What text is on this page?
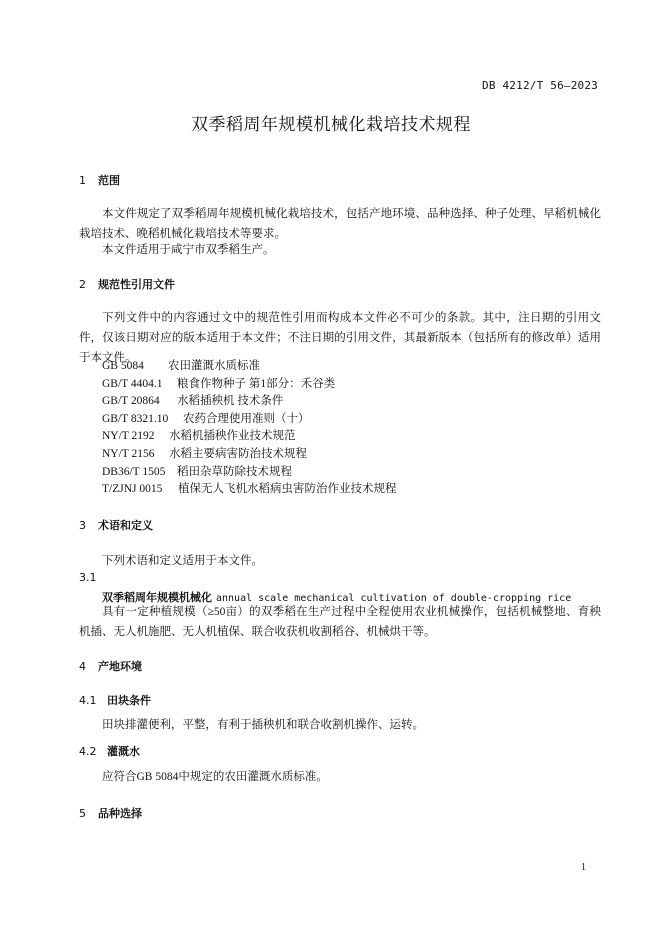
DB 4212/T 56—2023
双季稻周年规模机械化栽培技术规程
1 范围
本文件规定了双季稻周年规模机械化栽培技术，包括产地环境、品种选择、种子处理、早稻机械化栽培技术、晚稻机械化栽培技术等要求。
本文件适用于咸宁市双季稻生产。
2 规范性引用文件
下列文件中的内容通过文中的规范性引用而构成本文件必不可少的条款。其中，注日期的引用文件，仅该日期对应的版本适用于本文件；不注日期的引用文件，其最新版本（包括所有的修改单）适用于本文件。
GB 5084 农田灌溉水质标准
GB/T 4404.1 粮食作物种子 第1部分：禾谷类
GB/T 20864 水稻插秧机 技术条件
GB/T 8321.10 农药合理使用准则（十）
NY/T 2192 水稻机插秧作业技术规范
NY/T 2156 水稻主要病害防治技术规程
DB36/T 1505 稻田杂草防除技术规程
T/ZJNJ 0015 植保无人飞机水稻病虫害防治作业技术规程
3 术语和定义
下列术语和定义适用于本文件。
3.1
双季稻周年规模机械化 annual scale mechanical cultivation of double-cropping rice
具有一定种植规模（≥50亩）的双季稻在生产过程中全程使用农业机械操作，包括机械整地、育秧机插、无人机施肥、无人机植保、联合收获机收割稻谷、机械烘干等。
4 产地环境
4.1 田块条件
田块排灌便利，平整，有利于插秧机和联合收割机操作、运转。
4.2 灌溉水
应符合GB 5084中规定的农田灌溉水质标准。
5 品种选择
1
